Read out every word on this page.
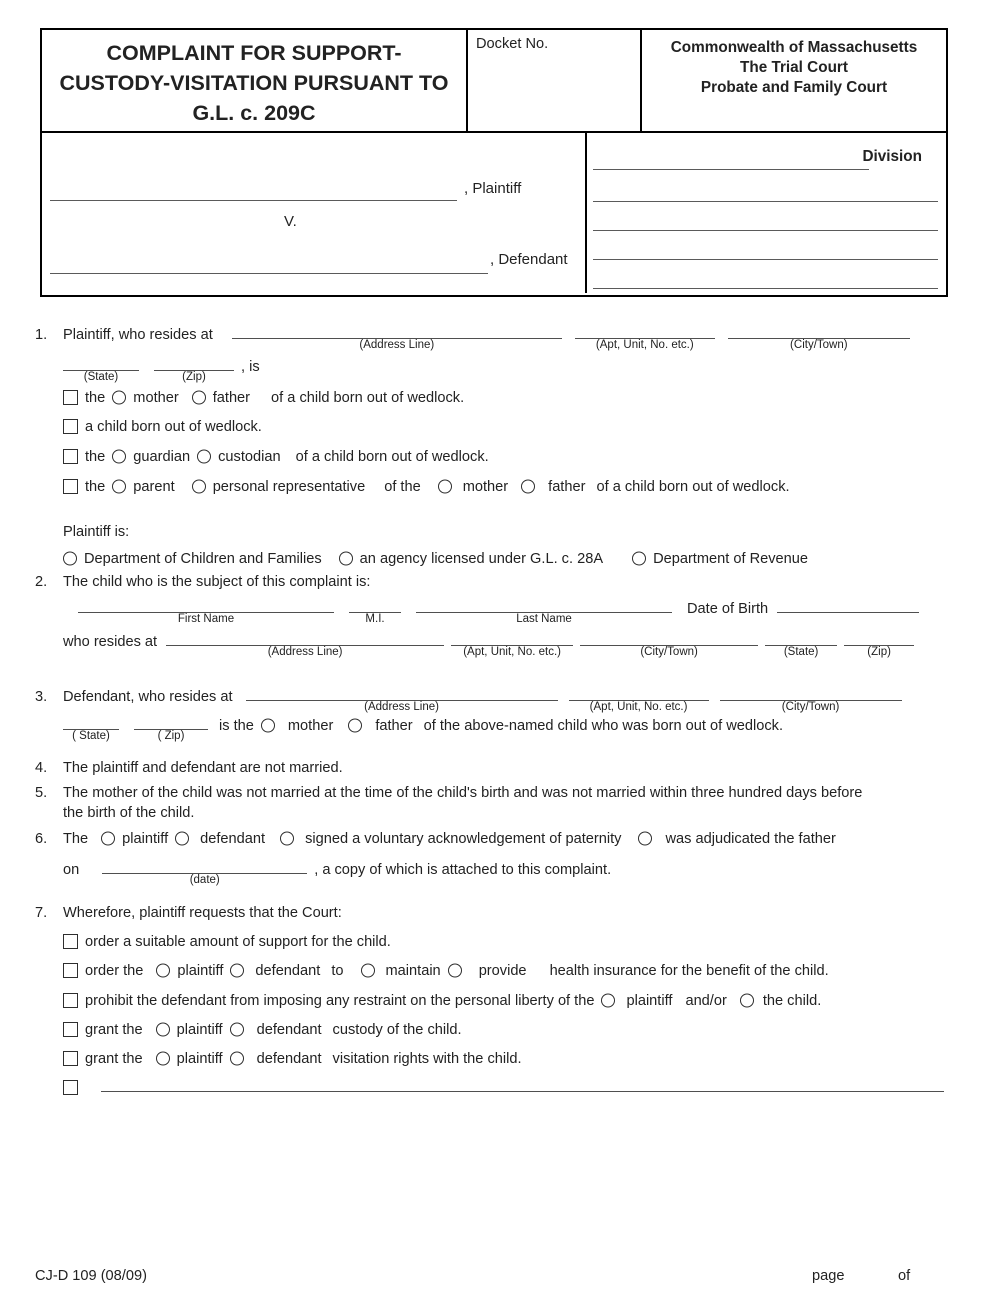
COMPLAINT FOR SUPPORT-
CUSTODY-VISITATION PURSUANT TO
G.L. c. 209C
Docket No.	Commonwealth of Massachusetts
The Trial Court
Probate and Family Court
, Plaintiff
V.
, Defendant
Division
1.	Plaintiff, who resides at
(Address Line)	(Apt, Unit, No. etc.)	(City/Town)
(State)	(Zip)
, is
the mother father of a child born out of wedlock.
a child born out of wedlock.
the guardian custodian of a child born out of wedlock.
the parent	personal representative of the	mother	father of a child born out of wedlock.
Plaintiff is:
Department of Children and Families	an agency licensed under G.L. c. 28A	Department of Revenue
2.	The child who is the subject of this complaint is:
First Name	M.I.	Last Name
Date of Birth
who resides at
(Address Line)	(Apt, Unit, No. etc.)	(City/Town)	(State)	(Zip)
3.	Defendant, who resides at
(Address Line)	(Apt, Unit, No. etc.)	(City/Town)
( State)	( Zip)
is the mother	father of the above-named child who was born out of wedlock.
4.	The plaintiff and defendant are not married.
5.	The mother of the child was not married at the time of the child's birth and was not married within three hundred days before
the birth of the child.
6.	The plaintiff defendant	signed a voluntary acknowledgement of paternity	was adjudicated the father
on
(date)
, a copy of which is attached to this complaint.
7.	Wherefore, plaintiff requests that the Court:
order a suitable amount of support for the child.
order the plaintiff defendant to	maintain	provide health insurance for the benefit of the child.
prohibit the defendant from imposing any restraint on the personal liberty of the plaintiff and/or the child.
grant the plaintiff defendant custody of the child.
grant the plaintiff defendant visitation rights with the child.
CJ-D 109 (08/09)	page	of
